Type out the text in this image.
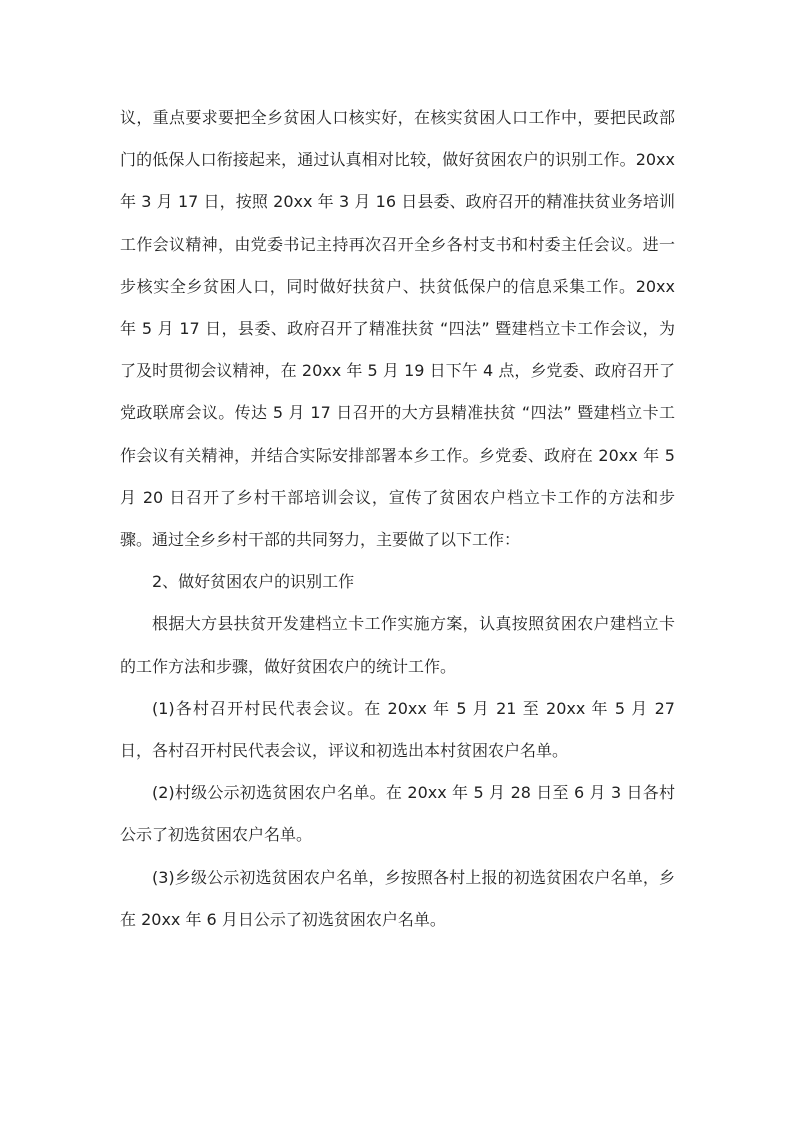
议，重点要求要把全乡贫困人口核实好，在核实贫困人口工作中，要把民政部门的低保人口衔接起来，通过认真相对比较，做好贫困农户的识别工作。20xx 年 3 月 17 日，按照 20xx 年 3 月 16 日县委、政府召开的精准扶贫业务培训工作会议精神，由党委书记主持再次召开全乡各村支书和村委主任会议。进一步核实全乡贫困人口，同时做好扶贫户、扶贫低保户的信息采集工作。20xx 年 5 月 17 日，县委、政府召开了精准扶贫 “四法” 暨建档立卡工作会议，为了及时贯彻会议精神，在 20xx 年 5 月 19 日下午 4 点，乡党委、政府召开了党政联席会议。传达 5 月 17 日召开的大方县精准扶贫 “四法” 暨建档立卡工作会议有关精神，并结合实际安排部署本乡工作。乡党委、政府在 20xx 年 5 月 20 日召开了乡村干部培训会议，宣传了贫困农户档立卡工作的方法和步骤。通过全乡乡村干部的共同努力，主要做了以下工作：

2、做好贫困农户的识别工作

根据大方县扶贫开发建档立卡工作实施方案，认真按照贫困农户建档立卡的工作方法和步骤，做好贫困农户的统计工作。

(1)各村召开村民代表会议。在 20xx 年 5 月 21 至 20xx 年 5 月 27 日，各村召开村民代表会议，评议和初选出本村贫困农户名单。

(2)村级公示初选贫困农户名单。在 20xx 年 5 月 28 日至 6 月 3 日各村公示了初选贫困农户名单。

(3)乡级公示初选贫困农户名单，乡按照各村上报的初选贫困农户名单，乡在 20xx 年 6 月日公示了初选贫困农户名单。
